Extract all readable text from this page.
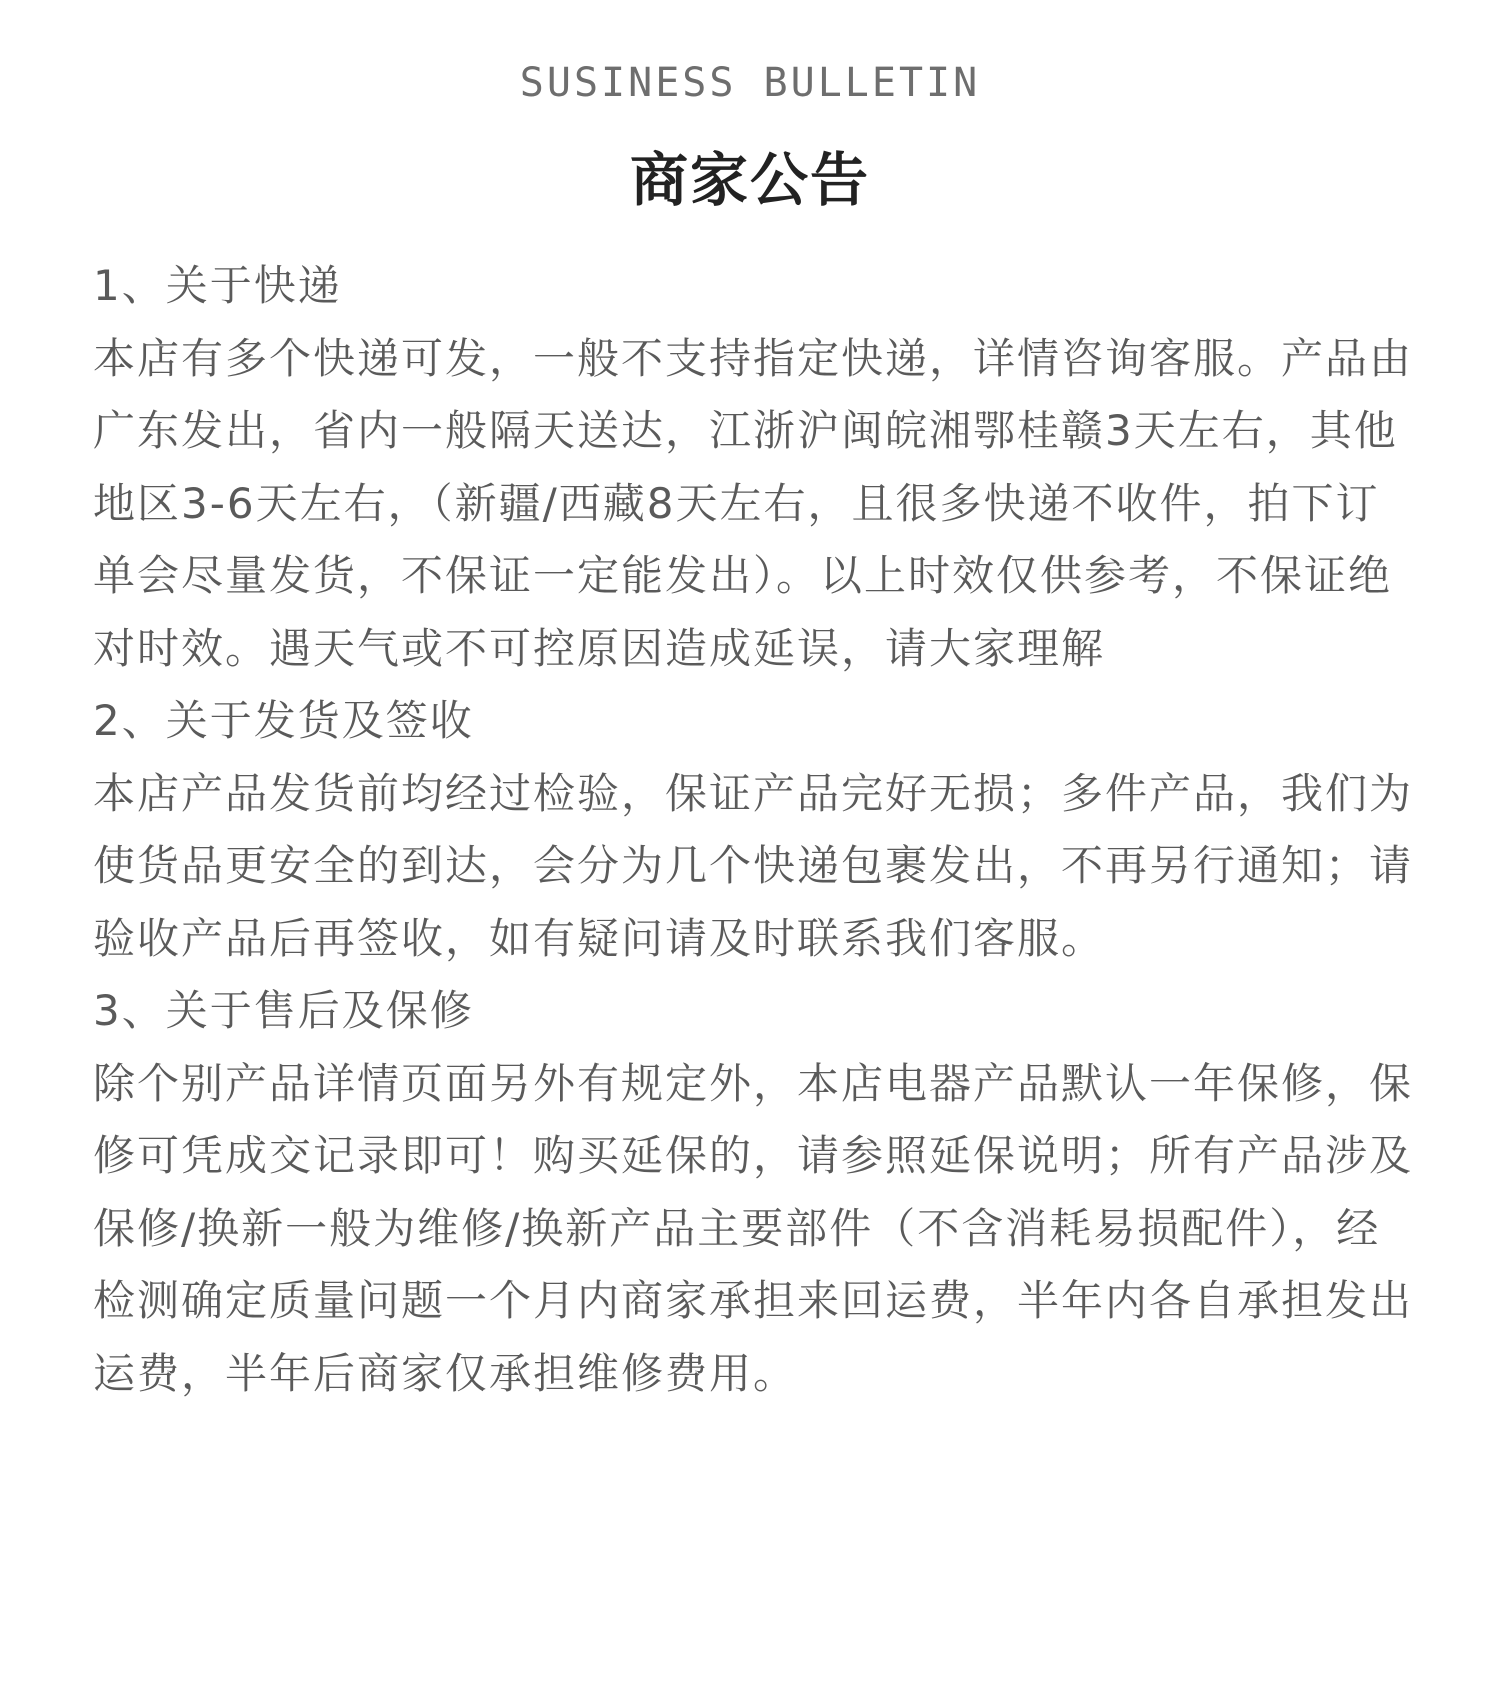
SUSINESS BULLETIN
商家公告

1、关于快递

本店有多个快递可发，一般不支持指定快递，详情咨询客服。产品由广东发出，省内一般隔天送达，江浙沪闽皖湘鄂桂赣3天左右，其他地区3-6天左右，（新疆/西藏8天左右，且很多快递不收件，拍下订单会尽量发货，不保证一定能发出）。以上时效仅供参考，不保证绝对时效。遇天气或不可控原因造成延误，请大家理解

2、关于发货及签收

本店产品发货前均经过检验，保证产品完好无损；多件产品，我们为使货品更安全的到达，会分为几个快递包裹发出，不再另行通知；请验收产品后再签收，如有疑问请及时联系我们客服。

3、关于售后及保修

除个别产品详情页面另外有规定外，本店电器产品默认一年保修，保修可凭成交记录即可！购买延保的，请参照延保说明；所有产品涉及保修/换新一般为维修/换新产品主要部件（不含消耗易损配件），经检测确定质量问题一个月内商家承担来回运费，半年内各自承担发出运费，半年后商家仅承担维修费用。
